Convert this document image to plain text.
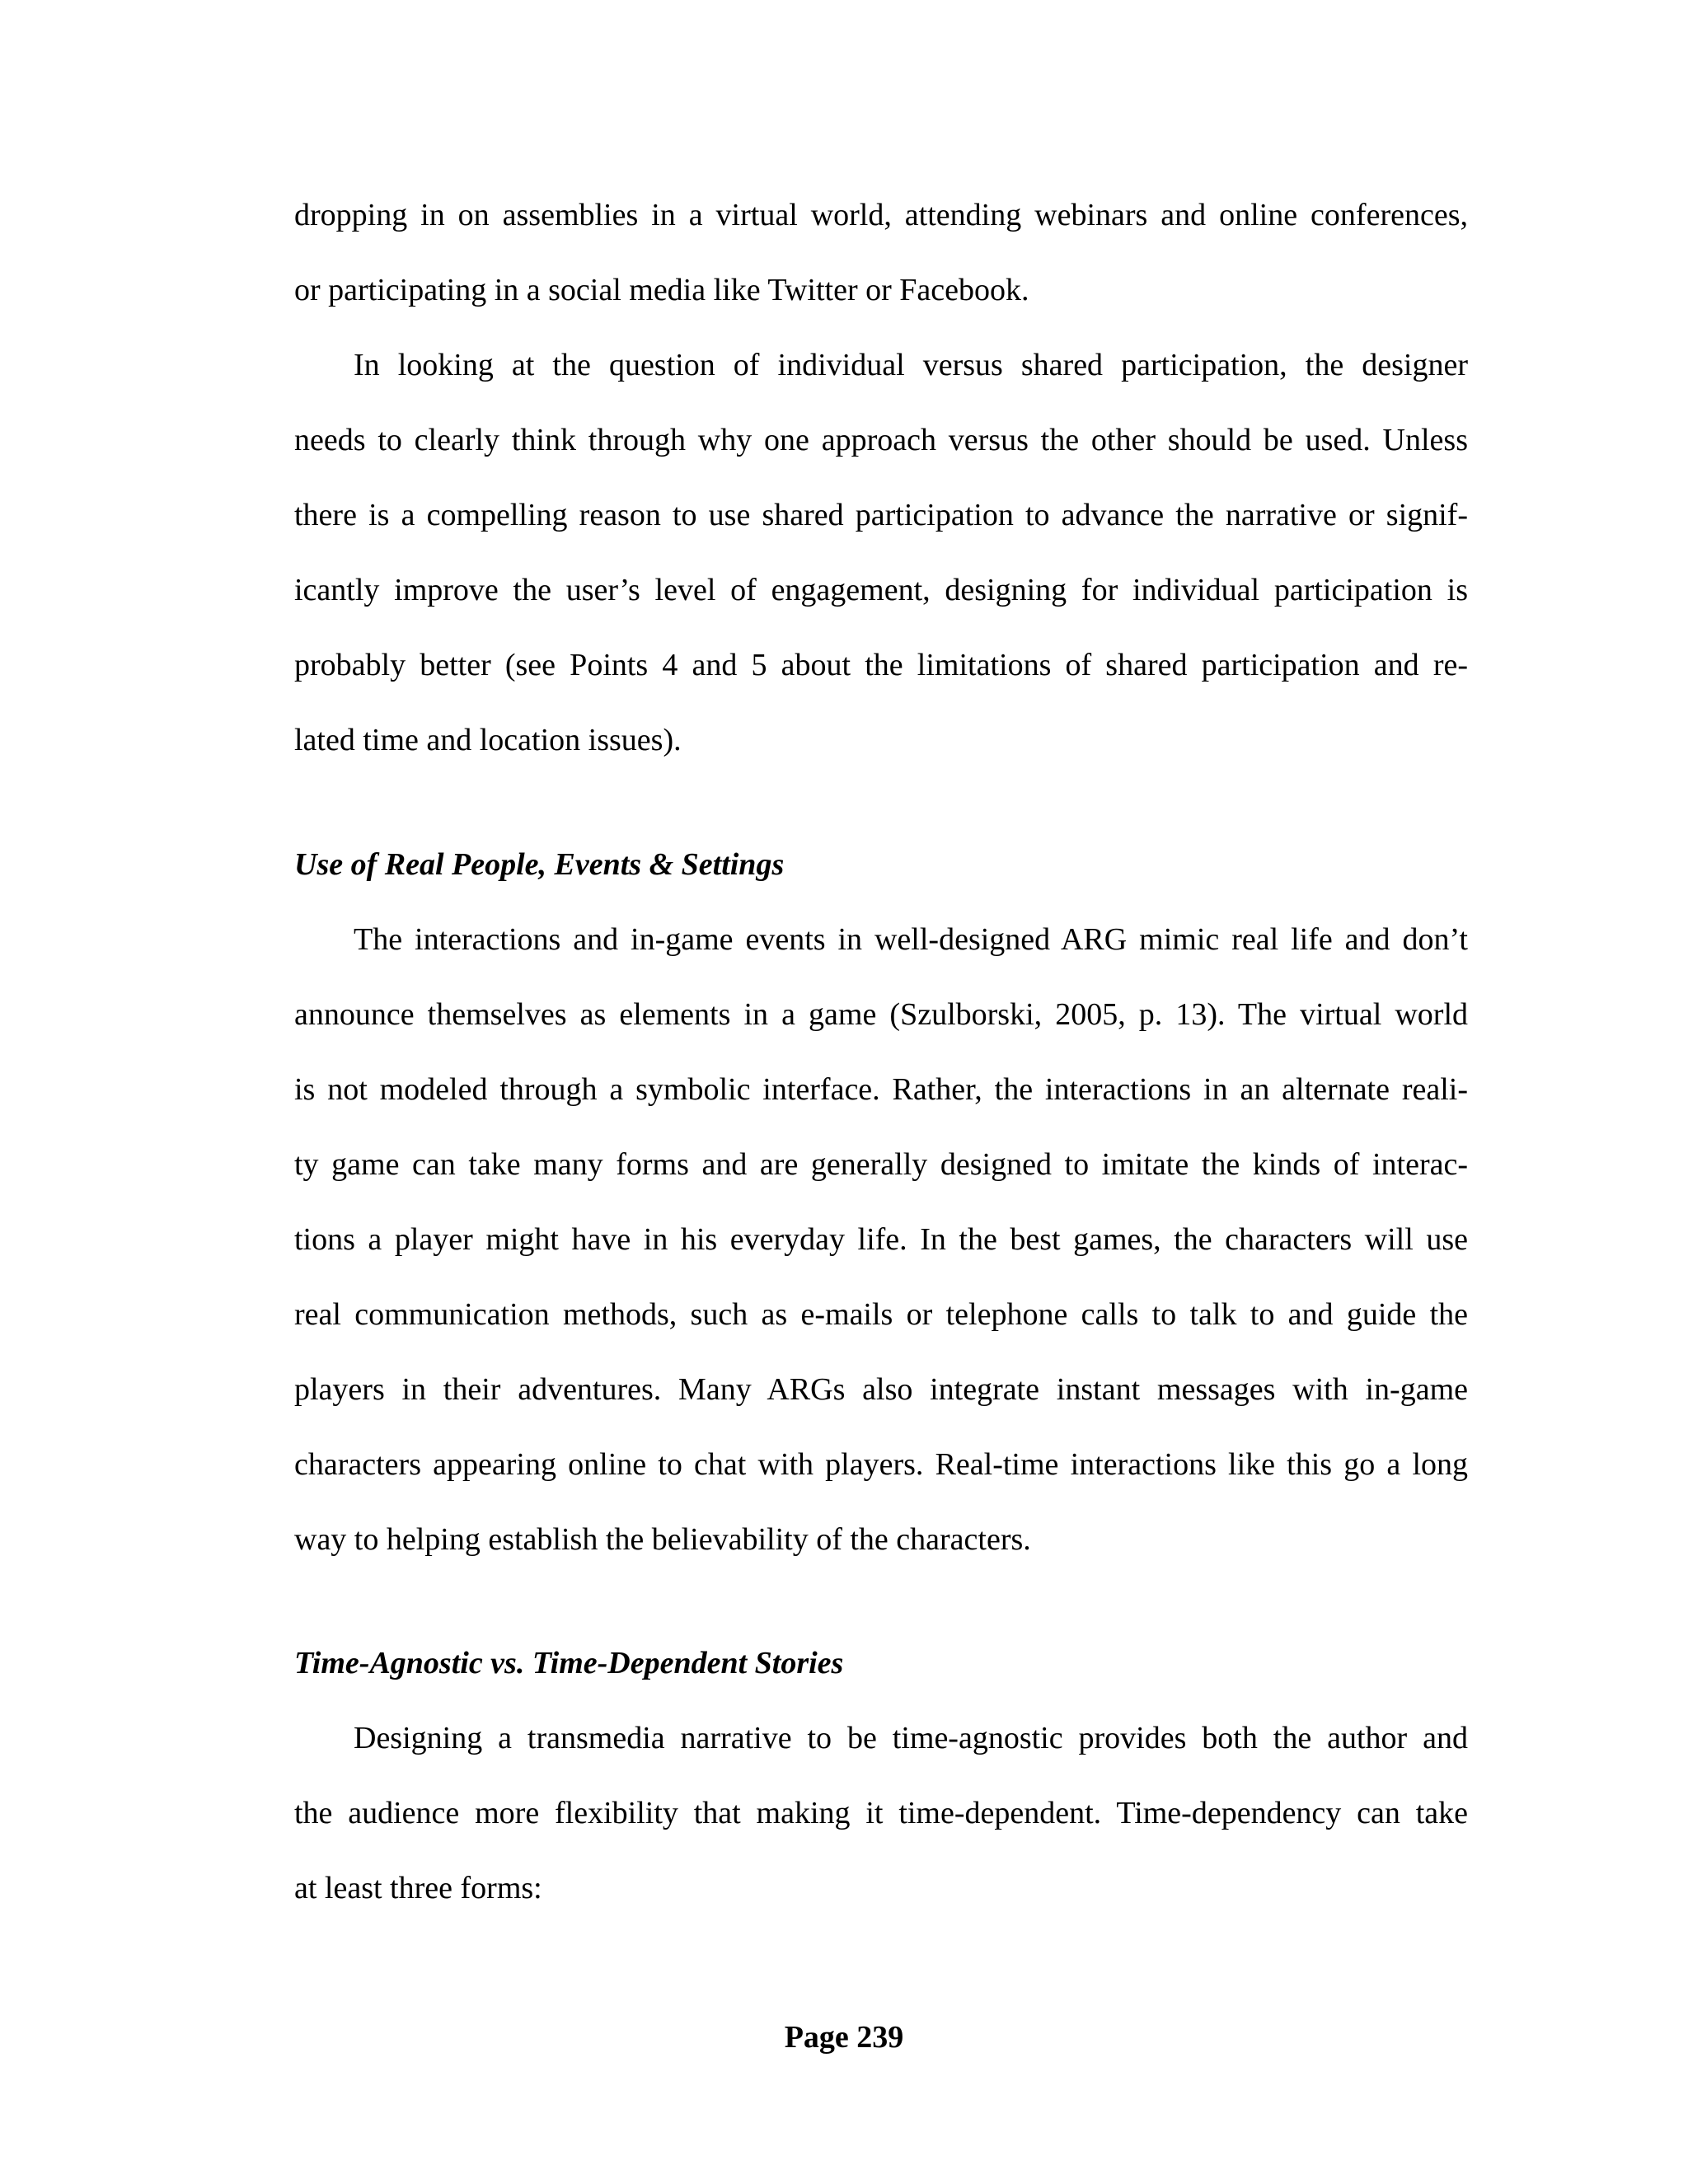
dropping in on assemblies in a virtual world, attending webinars and online conferences,
or participating in a social media like Twitter or Facebook.
In looking at the question of individual versus shared participation, the designer
needs to clearly think through why one approach versus the other should be used. Unless
there is a compelling reason to use shared participation to advance the narrative or signif-
icantly improve the user’s level of engagement, designing for individual participation is
probably better (see Points 4 and 5 about the limitations of shared participation and re-
lated time and location issues).
Use of Real People, Events & Settings
The interactions and in-game events in well-designed ARG mimic real life and don’t
announce themselves as elements in a game (Szulborski, 2005, p. 13). The virtual world
is not modeled through a symbolic interface. Rather, the interactions in an alternate reali-
ty game can take many forms and are generally designed to imitate the kinds of interac-
tions a player might have in his everyday life. In the best games, the characters will use
real communication methods, such as e-mails or telephone calls to talk to and guide the
players in their adventures. Many ARGs also integrate instant messages with in-game
characters appearing online to chat with players. Real-time interactions like this go a long
way to helping establish the believability of the characters.
Time-Agnostic vs. Time-Dependent Stories
Designing a transmedia narrative to be time-agnostic provides both the author and
the audience more flexibility that making it time-dependent. Time-dependency can take
at least three forms:
Page 239
